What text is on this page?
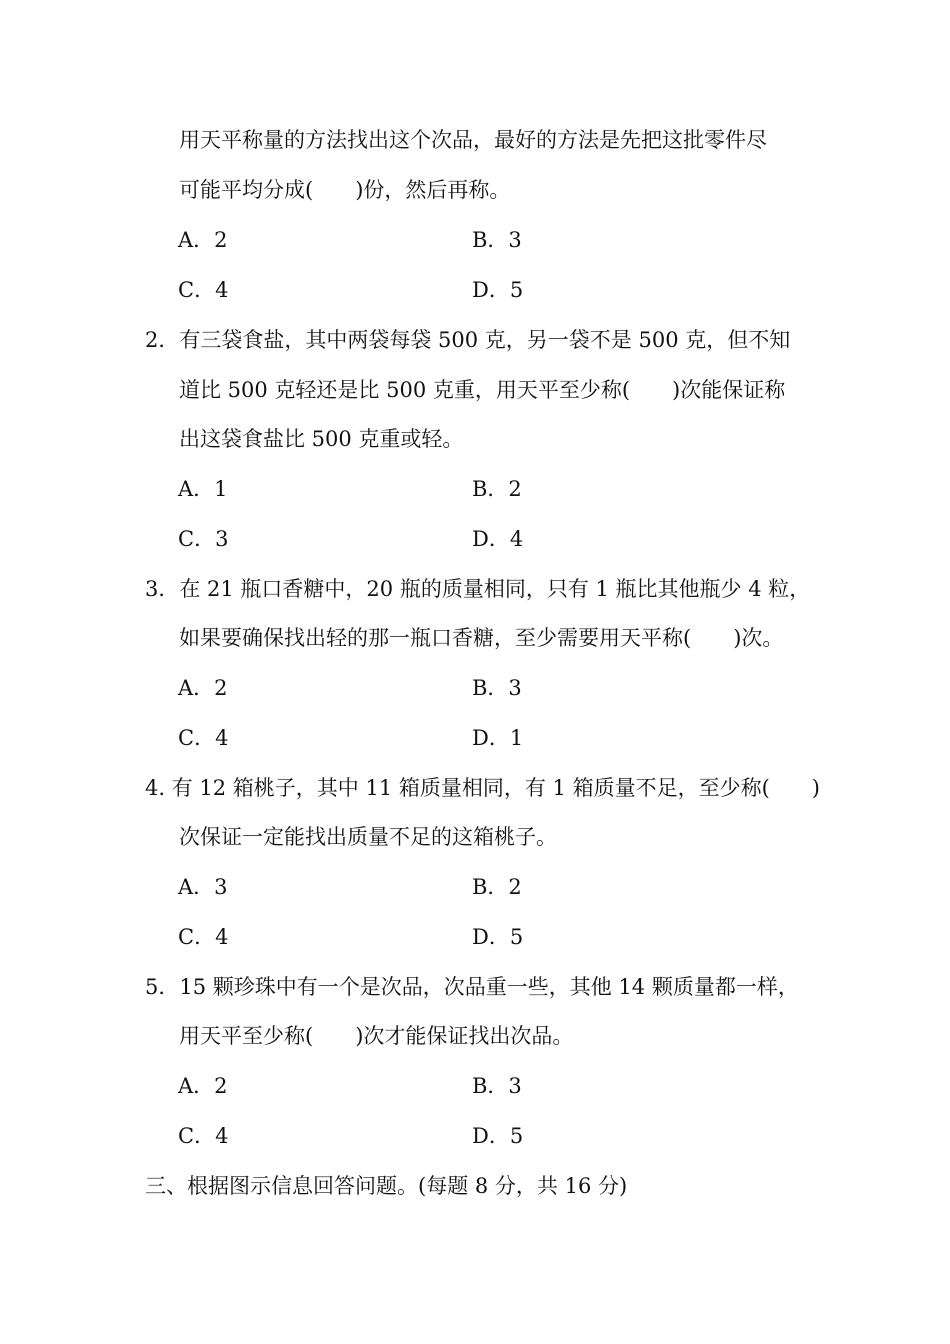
用天平称量的方法找出这个次品，最好的方法是先把这批零件尽
可能平均分成(　　)份，然后再称。
A．2	B．3
C．4	D．5
2．有三袋食盐，其中两袋每袋 500 克，另一袋不是 500 克，但不知
道比 500 克轻还是比 500 克重，用天平至少称(　　)次能保证称
出这袋食盐比 500 克重或轻。
A．1	B．2
C．3	D．4
3．在 21 瓶口香糖中，20 瓶的质量相同，只有 1 瓶比其他瓶少 4 粒，
如果要确保找出轻的那一瓶口香糖，至少需要用天平称(　　)次。
A．2	B．3
C．4	D．1
4. 有 12 箱桃子，其中 11 箱质量相同，有 1 箱质量不足，至少称(　　)
次保证一定能找出质量不足的这箱桃子。
A．3	B．2
C．4	D．5
5．15 颗珍珠中有一个是次品，次品重一些，其他 14 颗质量都一样，
用天平至少称(　　)次才能保证找出次品。
A．2	B．3
C．4	D．5
三、根据图示信息回答问题。(每题 8 分，共 16 分)
